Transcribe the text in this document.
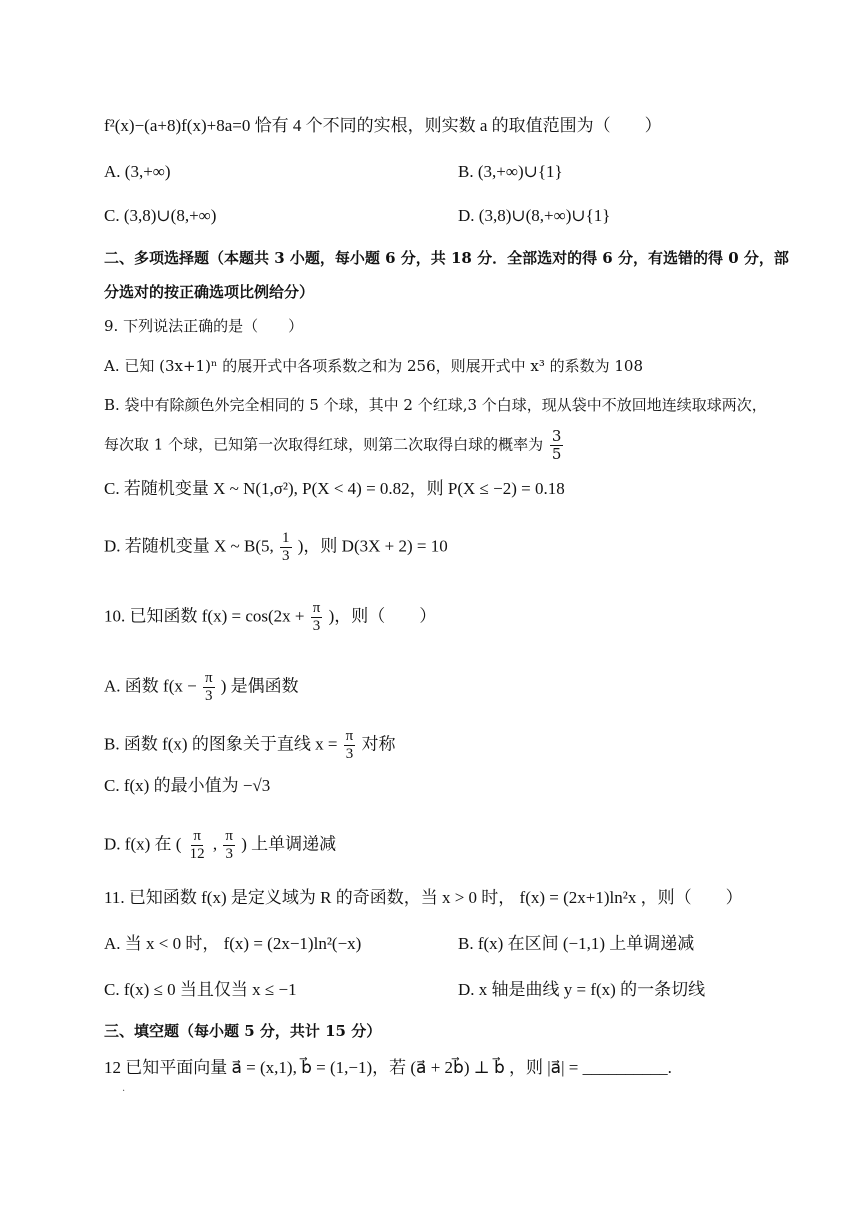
f²(x)−(a+8)f(x)+8a=0 恰有 4 个不同的实根，则实数 a 的取值范围为（　　）
A. (3,+∞)	B. (3,+∞)∪{1}
C. (3,8)∪(8,+∞)	D. (3,8)∪(8,+∞)∪{1}
二、多项选择题（本题共 3 小题，每小题 6 分，共 18 分．全部选对的得 6 分，有选错的得 0 分，部
分选对的按正确选项比例给分）
9. 下列说法正确的是（　　）
A. 已知 (3x+1)ⁿ 的展开式中各项系数之和为 256，则展开式中 x³ 的系数为 108
B. 袋中有除颜色外完全相同的 5 个球，其中 2 个红球,3 个白球，现从袋中不放回地连续取球两次，
每次取 1 个球，已知第一次取得红球，则第二次取得白球的概率为 $\frac{3}{5}$
C. 若随机变量 X ~ N(1,σ²), P(X < 4) = 0.82，则 P(X ≤ −2) = 0.18
D. 若随机变量 X ~ B(5, $\frac{1}{3}$ )，则 D(3X + 2) = 10
10. 已知函数 $f(x) = \cos(2x + \frac{\pi}{3}$ )，则（　　）
A. 函数 $f(x - \frac{\pi}{3}$ ) 是偶函数
B. 函数 f(x) 的图象关于直线 $x = \frac{\pi}{3}$ 对称
C. f(x) 的最小值为 −√3
D. f(x) 在 ( $\frac{\pi}{12}$ , $\frac{\pi}{3}$ ) 上单调递减
11. 已知函数 f(x) 是定义域为 R 的奇函数，当 x > 0 时， f(x) = (2x+1)ln²x ，则（　　）
A. 当 x < 0 时， f(x) = (2x−1)ln²(−x)	B. f(x) 在区间 (−1,1) 上单调递减
C. f(x) ≤ 0 当且仅当 x ≤ −1	D. x 轴是曲线 y = f(x) 的一条切线
三、填空题（每小题 5 分，共计 15 分）
12 已知平面向量 a⃗ = (x,1), b⃗ = (1,−1)，若 (a⃗ + 2b⃗) ⊥ b⃗ ，则 |a⃗| = __________.
.
